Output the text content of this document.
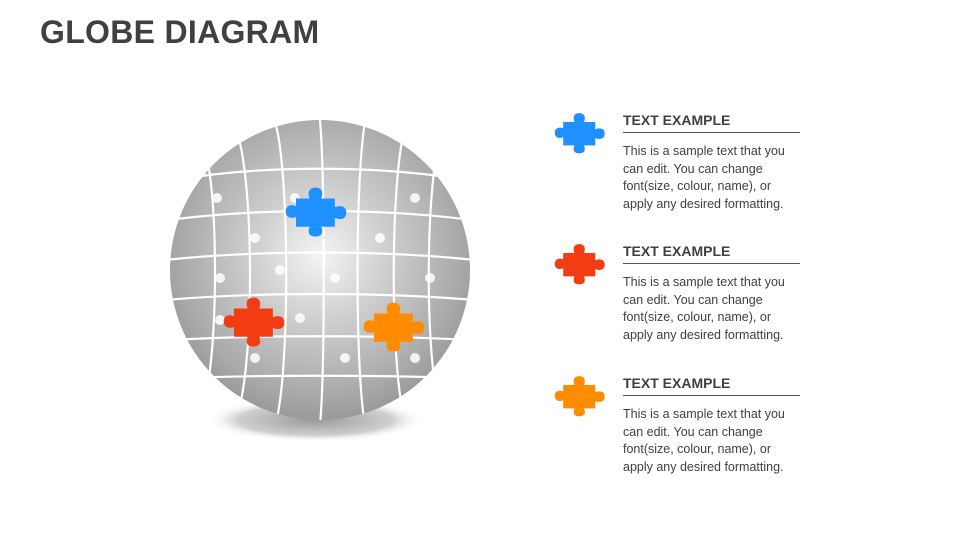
GLOBE DIAGRAM
TEXT EXAMPLE
This is a sample text that you can edit. You can change font(size, colour, name), or apply any desired formatting.
TEXT EXAMPLE
This is a sample text that you can edit. You can change font(size, colour, name), or apply any desired formatting.
TEXT EXAMPLE
This is a sample text that you can edit. You can change font(size, colour, name), or apply any desired formatting.
